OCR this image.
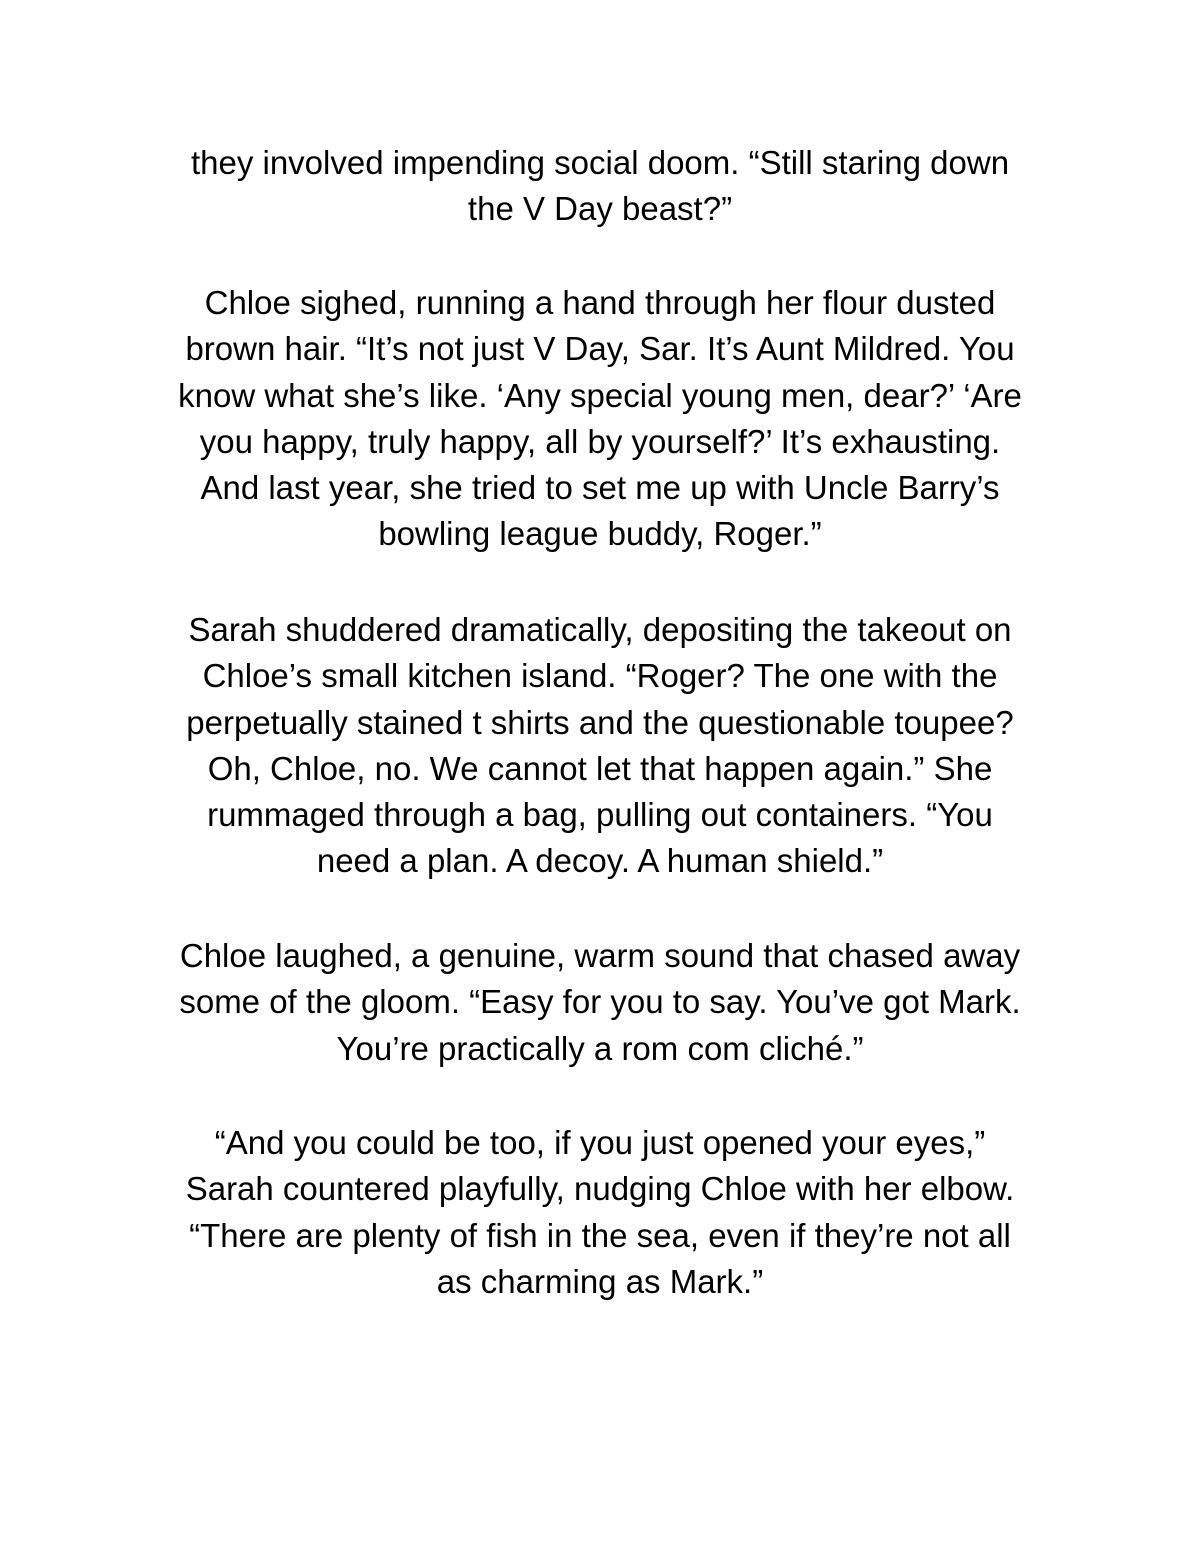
they involved impending social doom. “Still staring down
the V Day beast?”
Chloe sighed, running a hand through her flour dusted
brown hair. “It’s not just V Day, Sar. It’s Aunt Mildred. You
know what she’s like. ‘Any special young men, dear?’ ‘Are
you happy, truly happy, all by yourself?’ It’s exhausting.
And last year, she tried to set me up with Uncle Barry’s
bowling league buddy, Roger.”
Sarah shuddered dramatically, depositing the takeout on
Chloe’s small kitchen island. “Roger? The one with the
perpetually stained t shirts and the questionable toupee?
Oh, Chloe, no. We cannot let that happen again.” She
rummaged through a bag, pulling out containers. “You
need a plan. A decoy. A human shield.”
Chloe laughed, a genuine, warm sound that chased away
some of the gloom. “Easy for you to say. You’ve got Mark.
You’re practically a rom com cliché.”
“And you could be too, if you just opened your eyes,”
Sarah countered playfully, nudging Chloe with her elbow.
“There are plenty of fish in the sea, even if they’re not all
as charming as Mark.”
